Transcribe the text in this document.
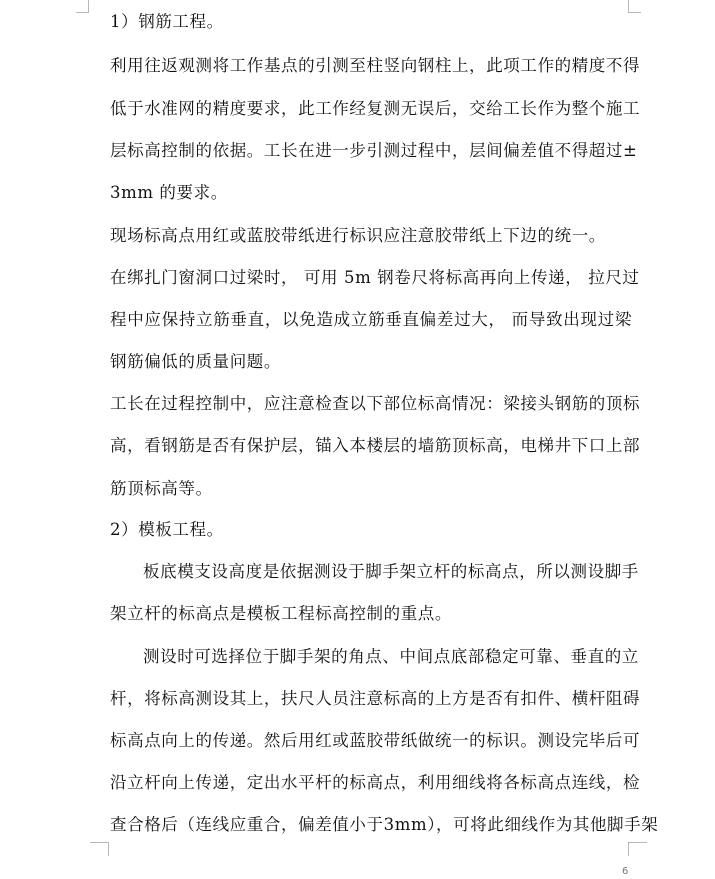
1）钢筋工程。
利用往返观测将工作基点的引测至柱竖向钢柱上，此项工作的精度不得
低于水准网的精度要求，此工作经复测无误后，交给工长作为整个施工
层标高控制的依据。工长在进一步引测过程中，层间偏差值不得超过±
3mm 的要求。
现场标高点用红或蓝胶带纸进行标识应注意胶带纸上下边的统一。
在绑扎门窗洞口过梁时， 可用 5m 钢卷尺将标高再向上传递， 拉尺过
程中应保持立筋垂直，以免造成立筋垂直偏差过大， 而导致出现过梁
钢筋偏低的质量问题。
工长在过程控制中，应注意检查以下部位标高情况：梁接头钢筋的顶标
高，看钢筋是否有保护层，锚入本楼层的墙筋顶标高，电梯井下口上部
筋顶标高等。
2）模板工程。
板底模支设高度是依据测设于脚手架立杆的标高点，所以测设脚手
架立杆的标高点是模板工程标高控制的重点。
测设时可选择位于脚手架的角点、中间点底部稳定可靠、垂直的立
杆，将标高测设其上，扶尺人员注意标高的上方是否有扣件、横杆阻碍
标高点向上的传递。然后用红或蓝胶带纸做统一的标识。测设完毕后可
沿立杆向上传递，定出水平杆的标高点，利用细线将各标高点连线，检
查合格后（连线应重合，偏差值小于3mm），可将此细线作为其他脚手架
6
